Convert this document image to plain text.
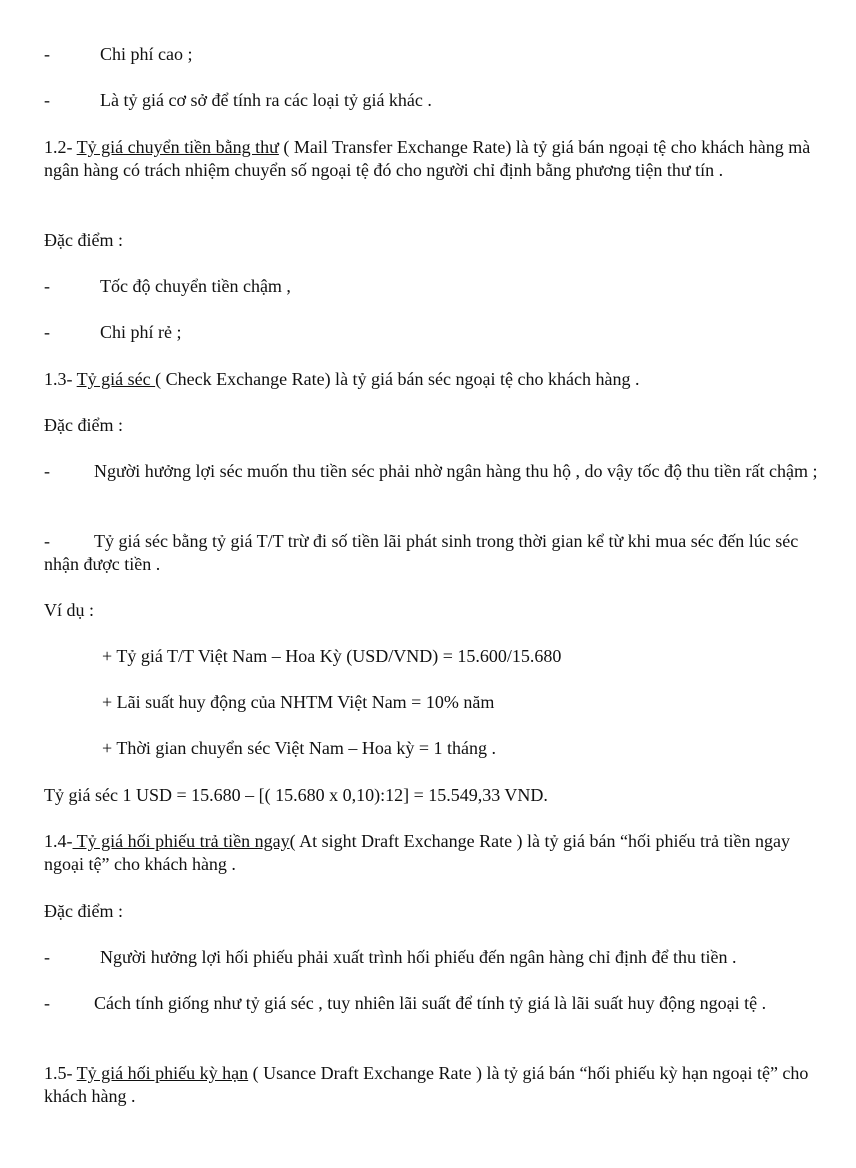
-	Chi phí cao ;
-	Là tỷ giá cơ sở để tính ra các loại tỷ giá khác .
1.2- Tỷ giá chuyển tiền bằng thư ( Mail Transfer Exchange Rate) là tỷ giá bán ngoại tệ cho khách hàng mà ngân hàng có trách nhiệm chuyển số ngoại tệ đó cho người chỉ định bằng phương tiện thư tín .
Đặc điểm :
-	Tốc độ chuyển tiền chậm ,
-	Chi phí rẻ ;
1.3- Tỷ giá séc ( Check Exchange Rate) là tỷ giá bán séc ngoại tệ cho khách hàng .
Đặc điểm :
- Người hưởng lợi séc muốn thu tiền séc phải nhờ ngân hàng thu hộ , do vậy tốc độ thu tiền rất chậm ;
- Tỷ giá séc bằng tỷ giá T/T trừ đi số tiền lãi phát sinh trong thời gian kể từ khi mua séc đến lúc séc nhận được tiền .
Ví dụ :
+ Tỷ giá T/T Việt Nam – Hoa Kỳ (USD/VND) = 15.600/15.680
+ Lãi suất huy động của NHTM Việt Nam = 10% năm
+ Thời gian chuyển séc Việt Nam – Hoa kỳ = 1 tháng .
Tỷ giá séc 1 USD = 15.680 – [( 15.680 x 0,10):12] = 15.549,33 VND.
1.4- Tỷ giá hối phiếu trả tiền ngay( At sight Draft Exchange Rate ) là tỷ giá bán “hối phiếu trả tiền ngay ngoại tệ” cho khách hàng .
Đặc điểm :
-	Người hưởng lợi hối phiếu phải xuất trình hối phiếu đến ngân hàng chỉ định để thu tiền .
- Cách tính giống như tỷ giá séc , tuy nhiên lãi suất để tính tỷ giá là lãi suất huy động ngoại tệ .
1.5- Tỷ giá hối phiếu kỳ hạn ( Usance Draft Exchange Rate ) là tỷ giá bán “hối phiếu kỳ hạn ngoại tệ” cho khách hàng .
